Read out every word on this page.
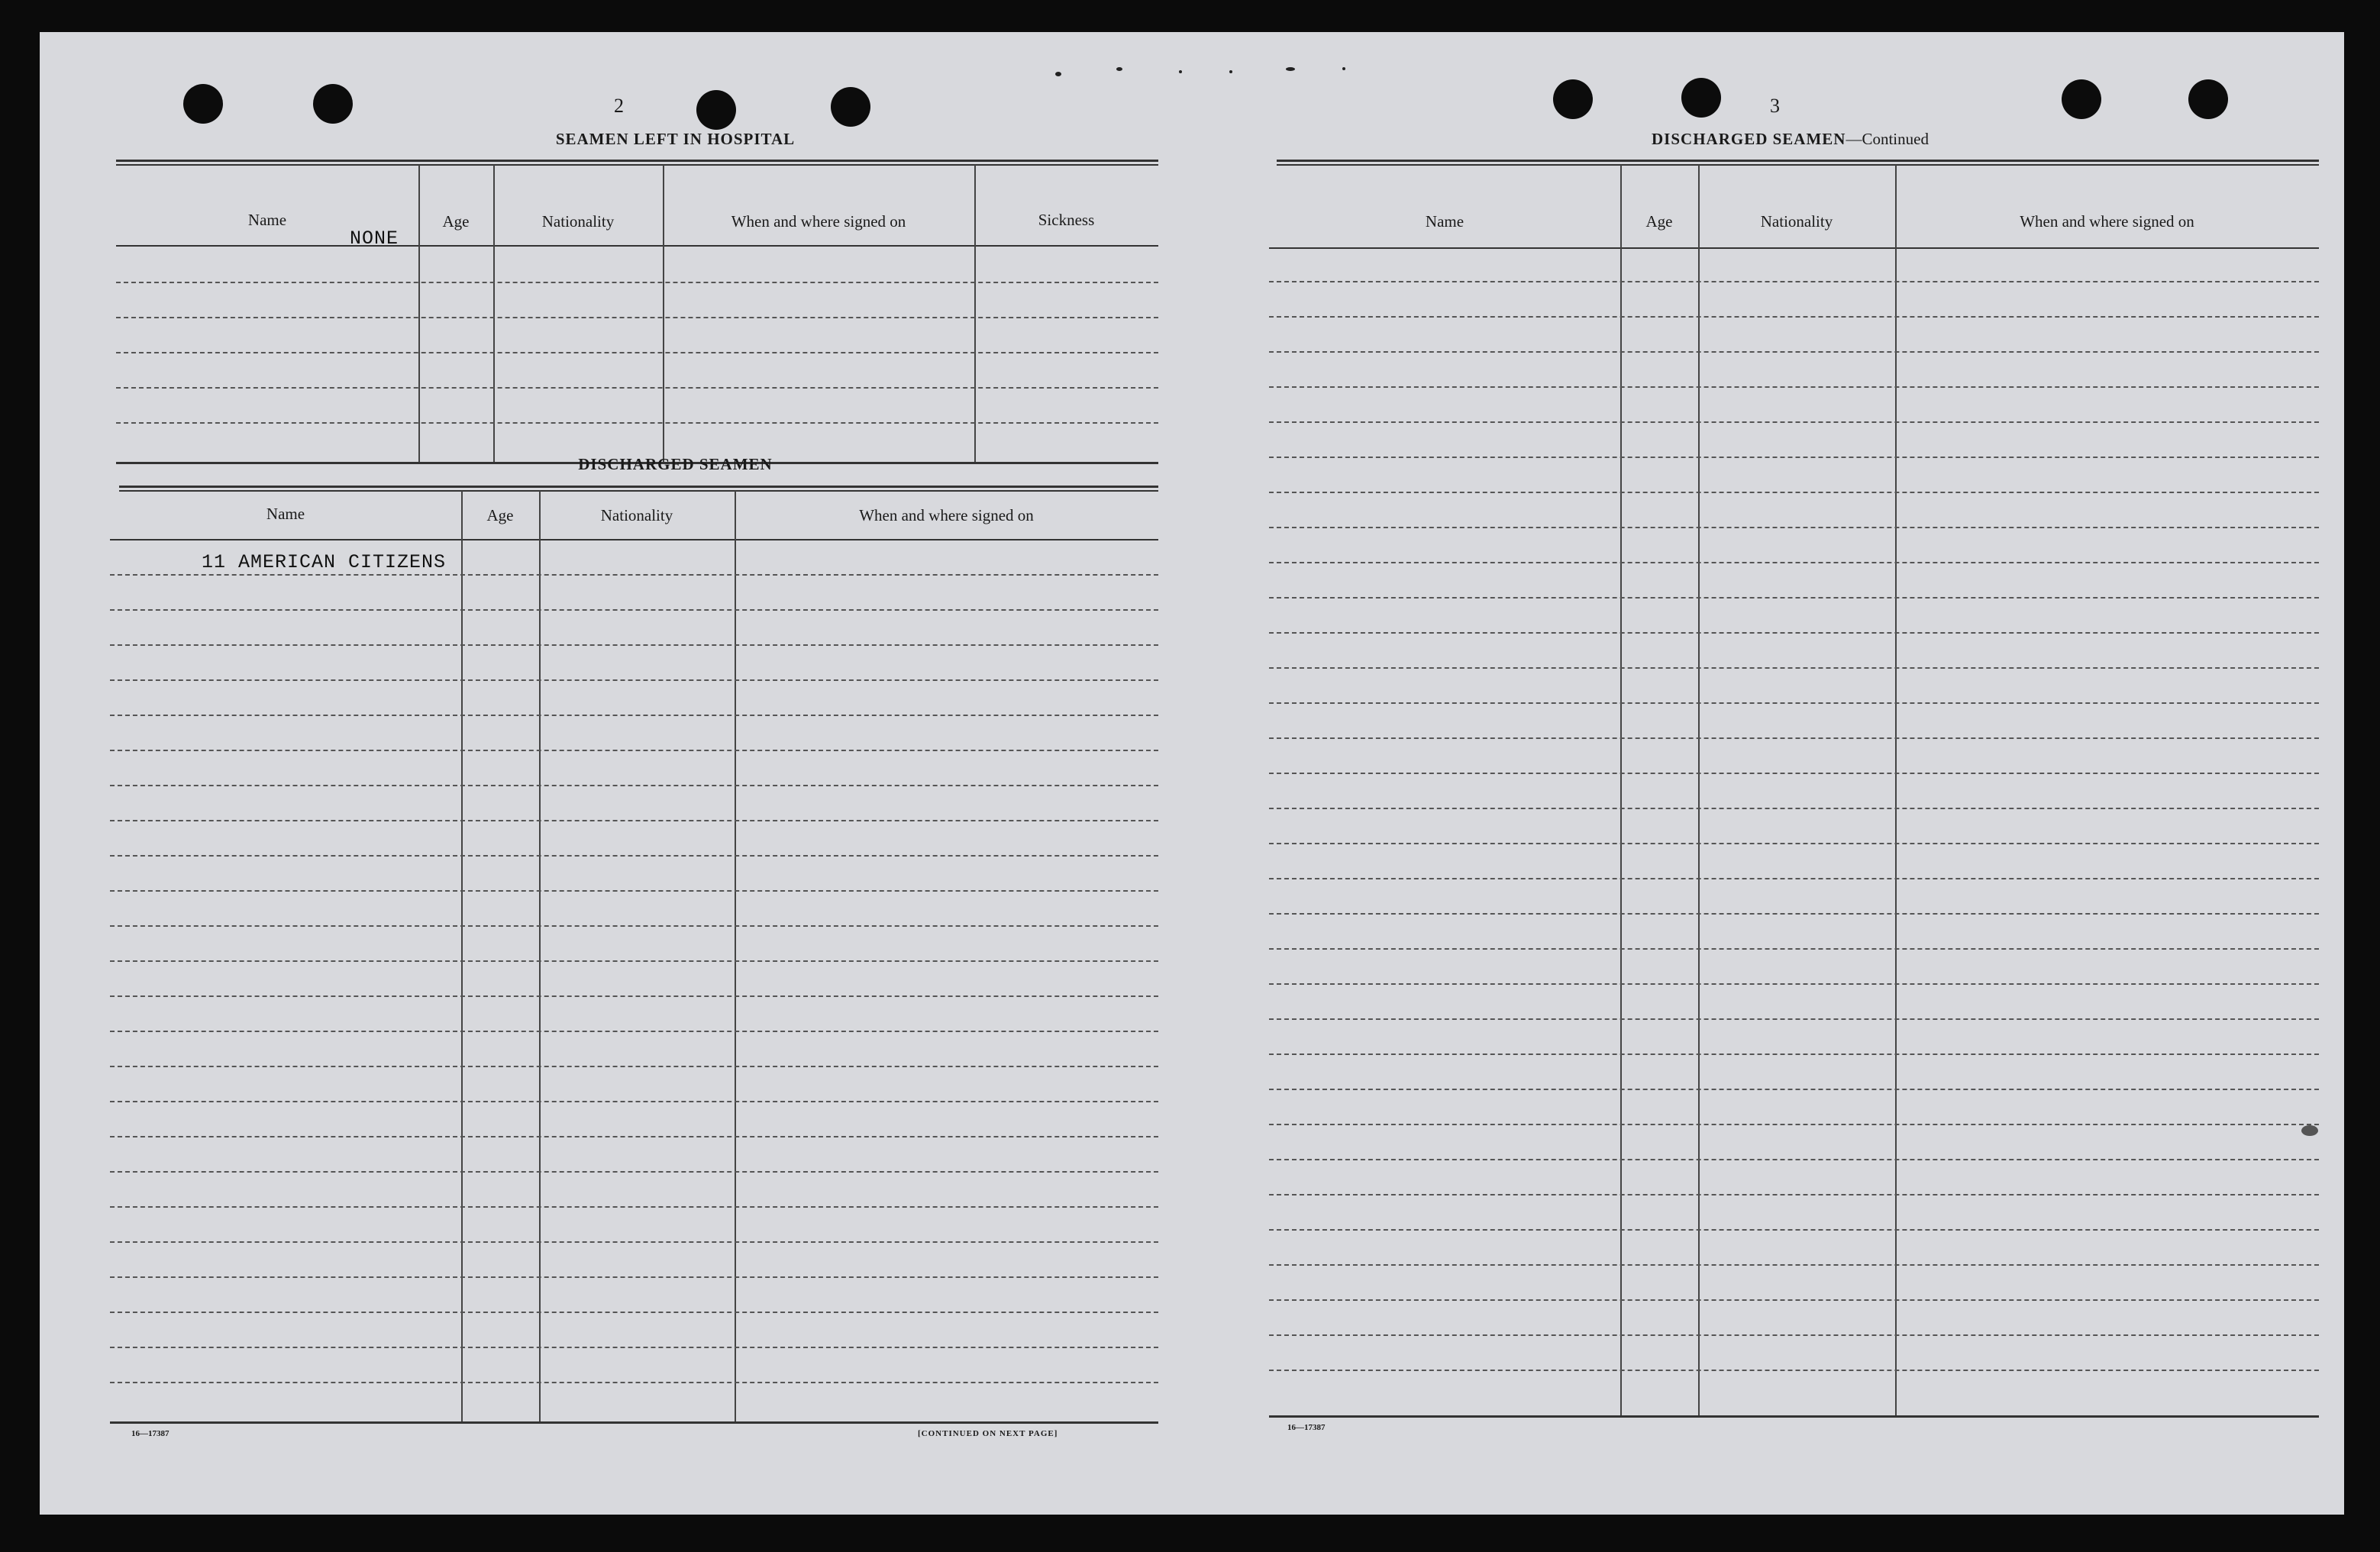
2
SEAMEN LEFT IN HOSPITAL
Name	Age	Nationality	When and where signed on	Sickness
NONE
DISCHARGED SEAMEN
Name	Age	Nationality	When and where signed on
11 AMERICAN CITIZENS
16—17387	[CONTINUED ON NEXT PAGE]
3
DISCHARGED SEAMEN—Continued
Name	Age	Nationality	When and where signed on
16—17387
